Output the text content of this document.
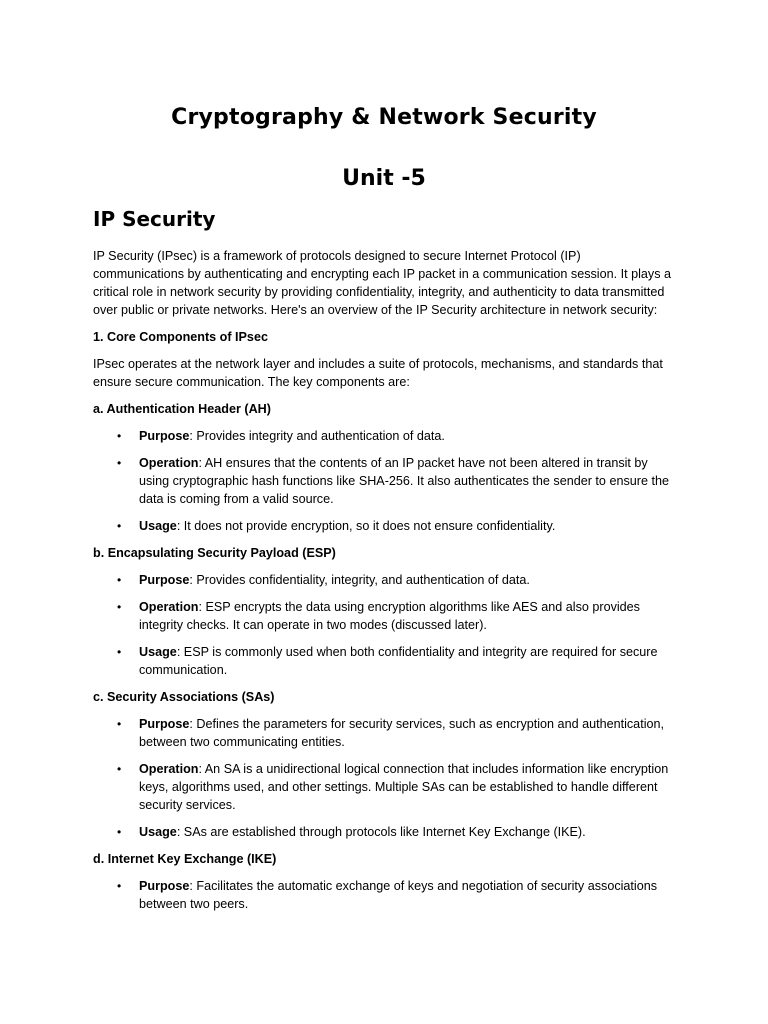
Cryptography & Network Security
Unit -5
IP Security

IP Security (IPsec) is a framework of protocols designed to secure Internet Protocol (IP) communications by authenticating and encrypting each IP packet in a communication session. It plays a critical role in network security by providing confidentiality, integrity, and authenticity to data transmitted over public or private networks. Here's an overview of the IP Security architecture in network security:

1. Core Components of IPsec

IPsec operates at the network layer and includes a suite of protocols, mechanisms, and standards that ensure secure communication. The key components are:

a. Authentication Header (AH)
• Purpose: Provides integrity and authentication of data.
• Operation: AH ensures that the contents of an IP packet have not been altered in transit by using cryptographic hash functions like SHA-256. It also authenticates the sender to ensure the data is coming from a valid source.
• Usage: It does not provide encryption, so it does not ensure confidentiality.
b. Encapsulating Security Payload (ESP)
• Purpose: Provides confidentiality, integrity, and authentication of data.
• Operation: ESP encrypts the data using encryption algorithms like AES and also provides integrity checks. It can operate in two modes (discussed later).
• Usage: ESP is commonly used when both confidentiality and integrity are required for secure communication.
c. Security Associations (SAs)
• Purpose: Defines the parameters for security services, such as encryption and authentication, between two communicating entities.
• Operation: An SA is a unidirectional logical connection that includes information like encryption keys, algorithms used, and other settings. Multiple SAs can be established to handle different security services.
• Usage: SAs are established through protocols like Internet Key Exchange (IKE).
d. Internet Key Exchange (IKE)
• Purpose: Facilitates the automatic exchange of keys and negotiation of security associations between two peers.
